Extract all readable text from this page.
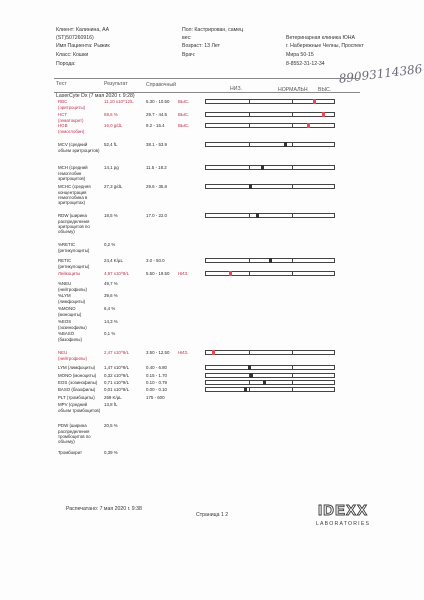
Клиент: Калинина, АА
(ST)507260916)
Имя Пациента: Рыжик
Класс: Кошки
Породa:
Пол: Кастрирован, самец
вес:
Возраст: 13 Лет
Врач:
Ветеринарная клиника ЮНА
г. Набережные Челны, Проспект
Мира 50-15
8-8552-31-12-34 89093114386
Тест	Результат	Справочный
НИЗ.	НОРМАЛЬН ВЫС.
LaserCyte Dx (7 мая 2020 г. 9:28)
RBC
(эритроциты)
11,10 x10^12/L	5.30 - 10.50 ВЫС.
HCT
(гематокрит)
58,6 %	29.7 - 44.5	ВЫС.
HGB
(гемоглобин)
16,0 g/dL	9.2 - 15.4	ВЫС.
MCV (средний
объем эритроцитов)
52,4 fL	38.1 - 53.9
MCH (средний
гемоглобин эритроцитов)
14,1 pg	11.5 - 18.2
MCHC (средняя
концентрация гемоглобина в эритроцитах)
27,3 g/dL	29.6 - 35.8
RDW (ширина
распределения эритроцитов по объему)
18,5 %	17.0 - 22.0
%RETIC
(ретикулоциты)
0,2 %
RETIC
(ретикулоциты)
24,4 K/µL	3.0 - 50.0
Лейкоциты	4,97 x10^9/L	5.50 - 19.50 НИЗ.
%NEU
(нейтрофилы)
49,7 %
%LYM
(лимфоциты)
39,6 %
%MONO
(моноциты)
6,4 %
%EOS
(эозинофилы)
14,3 %
%BASO
(базофилы)
0,1 %
NEU
(нейтрофилы)
2,47 x10^9/L	3.50 - 12.50 НИЗ.
LYM (лимфоциты) 1,47 x10^9/L	0.40 - 6.80
MONO (моноциты) 0,32 x10^9/L	0.15 - 1.70
EOS (эозинофилы) 0,71 x10^9/L	0.10 - 0.79
BASO (базофилы) 0,01 x10^9/L	0.00 - 0.10
PLT (тромбоциты) 269 K/µL	175 - 600
MPV (средний
объем тромбоцитов)
13,8 fL
PDW (ширина
распределения тромбоцитов по объему)
20,5 %
Тромбокрит	0,39 %
Распечатано: 7 мая 2020 г. 9:38
Страница 1 2	IDEXX
LABORATORIES
